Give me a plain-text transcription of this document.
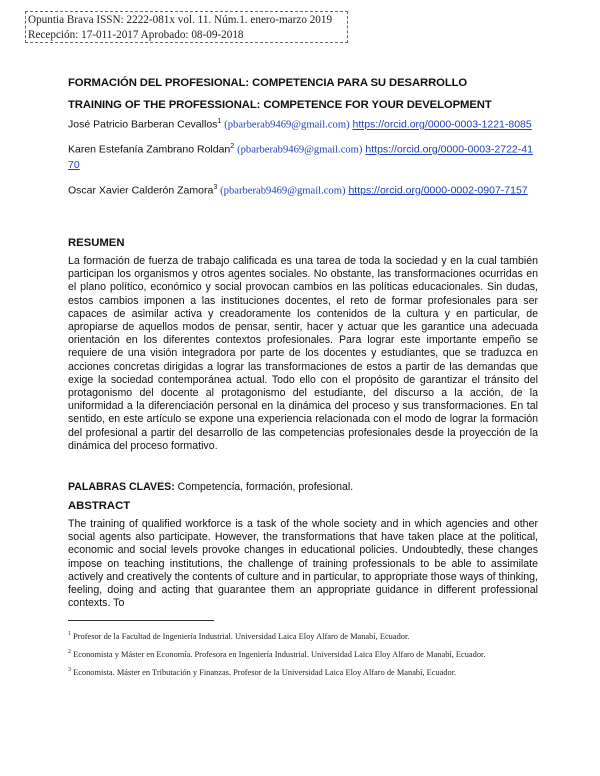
Opuntia Brava ISSN: 2222-081x vol. 11. Núm.1. enero-marzo 2019
Recepción: 17-011-2017 Aprobado: 08-09-2018
FORMACIÓN DEL PROFESIONAL: COMPETENCIA PARA SU DESARROLLO
TRAINING OF THE PROFESSIONAL: COMPETENCE FOR YOUR DEVELOPMENT
José Patricio Barberan Cevallos$^1$ (pbarberab9469@gmail.com) https://orcid.org/0000-0003-1221-8085
Karen Estefanía Zambrano Roldan$^2$ (pbarberab9469@gmail.com) https://orcid.org/0000-0003-2722-4170
Oscar Xavier Calderón Zamora$^3$ (pbarberab9469@gmail.com) https://orcid.org/0000-0002-0907-7157
RESUMEN
La formación de fuerza de trabajo calificada es una tarea de toda la sociedad y en la cual también participan los organismos y otros agentes sociales. No obstante, las transformaciones ocurridas en el plano político, económico y social provocan cambios en las políticas educacionales. Sin dudas, estos cambios imponen a las instituciones docentes, el reto de formar profesionales para ser capaces de asimilar activa y creadoramente los contenidos de la cultura y en particular, de apropiarse de aquellos modos de pensar, sentir, hacer y actuar que les garantice una adecuada orientación en los diferentes contextos profesionales. Para lograr este importante empeño se requiere de una visión integradora por parte de los docentes y estudiantes, que se traduzca en acciones concretas dirigidas a lograr las transformaciones de estos a partir de las demandas que exige la sociedad contemporánea actual. Todo ello con el propósito de garantizar el tránsito del protagonismo del docente al protagonismo del estudiante, del discurso a la acción, de la uniformidad a la diferenciación personal en la dinámica del proceso y sus transformaciones. En tal sentido, en este artículo se expone una experiencia relacionada con el modo de lograr la formación del profesional a partir del desarrollo de las competencias profesionales desde la proyección de la dinámica del proceso formativo.
PALABRAS CLAVES: Competencia, formación, profesional.
ABSTRACT
The training of qualified workforce is a task of the whole society and in which agencies and other social agents also participate. However, the transformations that have taken place at the political, economic and social levels provoke changes in educational policies. Undoubtedly, these changes impose on teaching institutions, the challenge of training professionals to be able to assimilate actively and creatively the contents of culture and in particular, to appropriate those ways of thinking, feeling, doing and acting that guarantee them an appropriate guidance in different professional contexts. To
$^1$ Profesor de la Facultad de Ingeniería Industrial. Universidad Laica Eloy Alfaro de Manabí, Ecuador.
$^2$ Economista y Máster en Economía. Profesora en Ingeniería Industrial. Universidad Laica Eloy Alfaro de Manabí, Ecuador.
$^3$ Economista. Máster en Tributación y Finanzas. Profesor de la Universidad Laica Eloy Alfaro de Manabí, Ecuador.
